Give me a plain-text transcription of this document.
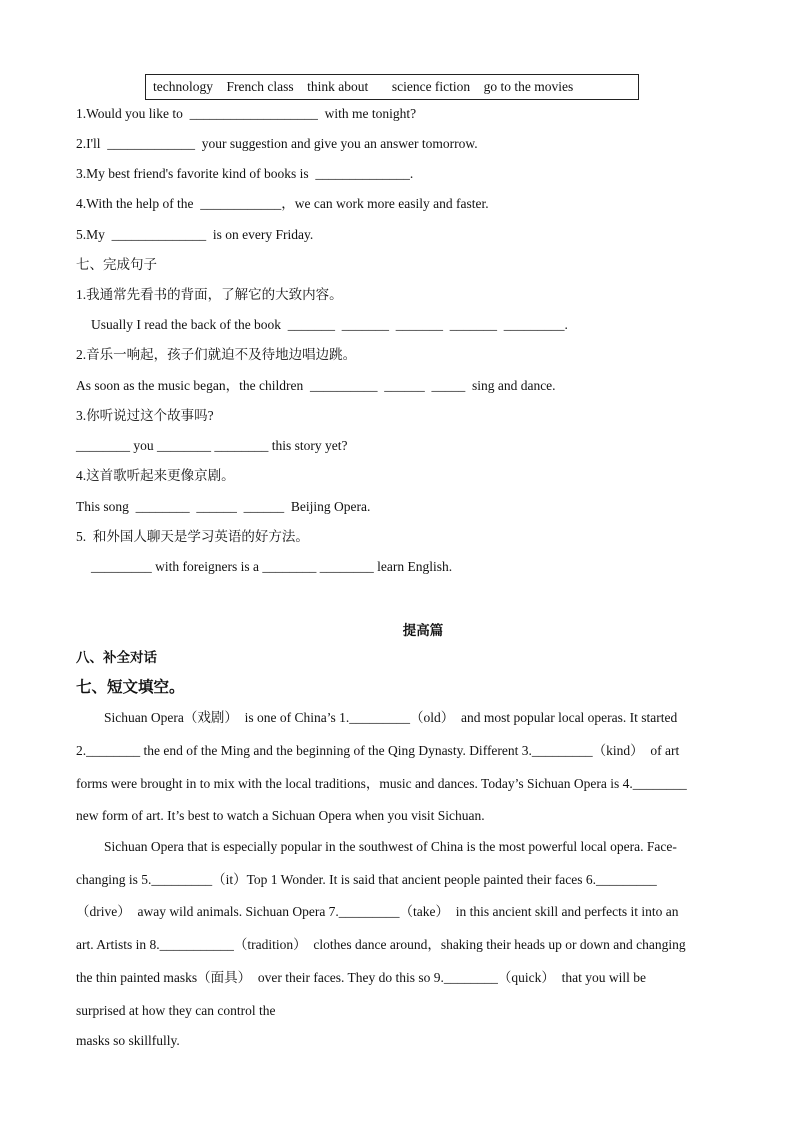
technology    French class    think about       science fiction    go to the movies
1.Would you like to  ___________________  with me tonight?
2.I'll  _____________  your suggestion and give you an answer tomorrow.
3.My best friend's favorite kind of books is  ______________.
4.With the help of the  ____________，we can work more easily and faster.
5.My  ______________  is on every Friday.
七、完成句子
1.我通常先看书的背面，了解它的大致内容。
Usually I read the back of the book  _______  _______  _______  _______  _________.
2.音乐一响起，孩子们就迫不及待地边唱边跳。
As soon as the music began，the children  __________  ______  _____  sing and dance.
3.你听说过这个故事吗?
________ you ________ ________ this story yet?
4.这首歌听起来更像京剧。
This song  ________  ______  ______  Beijing Opera.
5.  和外国人聊天是学习英语的好方法。
_________ with foreigners is a ________ ________ learn English.
提高篇
八、补全对话
七、短文填空。
Sichuan Opera（戏剧）  is one of China’s 1._________（old）  and most popular local operas. It started
2.________ the end of the Ming and the beginning of the Qing Dynasty. Different 3._________（kind）  of art
forms were brought in to mix with the local traditions，music and dances. Today’s Sichuan Opera is 4.________
new form of art. It’s best to watch a Sichuan Opera when you visit Sichuan.
Sichuan Opera that is especially popular in the southwest of China is the most powerful local opera. Face-
changing is 5._________（it）Top 1 Wonder. It is said that ancient people painted their faces 6._________
（drive）  away wild animals. Sichuan Opera 7._________（take）  in this ancient skill and perfects it into an
art. Artists in 8.___________（tradition）  clothes dance around，shaking their heads up or down and changing
the thin painted masks（面具）  over their faces. They do this so 9.________（quick）  that you will be
surprised at how they can control the
masks so skillfully.
